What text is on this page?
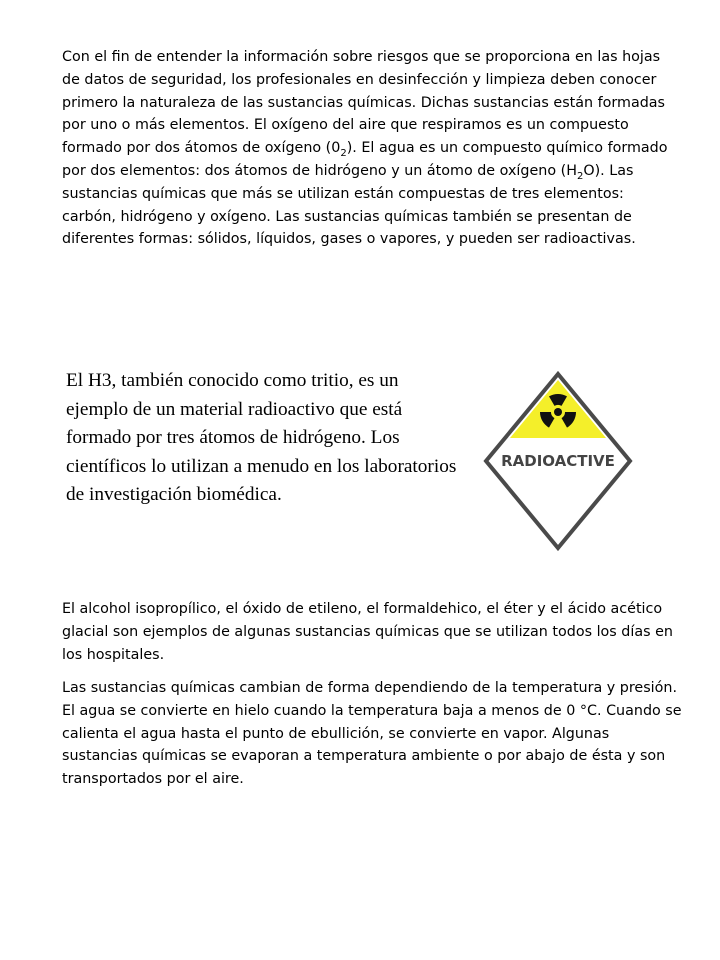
Con el fin de entender la información sobre riesgos que se proporciona en las hojas de datos de seguridad, los profesionales en desinfección y limpieza deben conocer primero la naturaleza de las sustancias químicas. Dichas sustancias están formadas por uno o más elementos. El oxígeno del aire que respiramos es un compuesto formado por dos átomos de oxígeno $(0_2)$. El agua es un compuesto químico formado por dos elementos: dos átomos de hidrógeno y un átomo de oxígeno $(H_2O)$. Las sustancias químicas que más se utilizan están compuestas de tres elementos: carbón, hidrógeno y oxígeno. Las sustancias químicas también se presentan de diferentes formas: sólidos, líquidos, gases o vapores, y pueden ser radioactivas.

El H3, también conocido como tritio, es un ejemplo de un material radioactivo que está formado por tres átomos de hidrógeno. Los científicos lo utilizan a menudo en los laboratorios de investigación biomédica.

RADIOACTIVE

El alcohol isopropílico, el óxido de etileno, el formaldehico, el éter y el ácido acético glacial son ejemplos de algunas sustancias químicas que se utilizan todos los días en los hospitales.

Las sustancias químicas cambian de forma dependiendo de la temperatura y presión. El agua se convierte en hielo cuando la temperatura baja a menos de 0 °C. Cuando se calienta el agua hasta el punto de ebullición, se convierte en vapor. Algunas sustancias químicas se evaporan a temperatura ambiente o por abajo de ésta y son transportados por el aire.
